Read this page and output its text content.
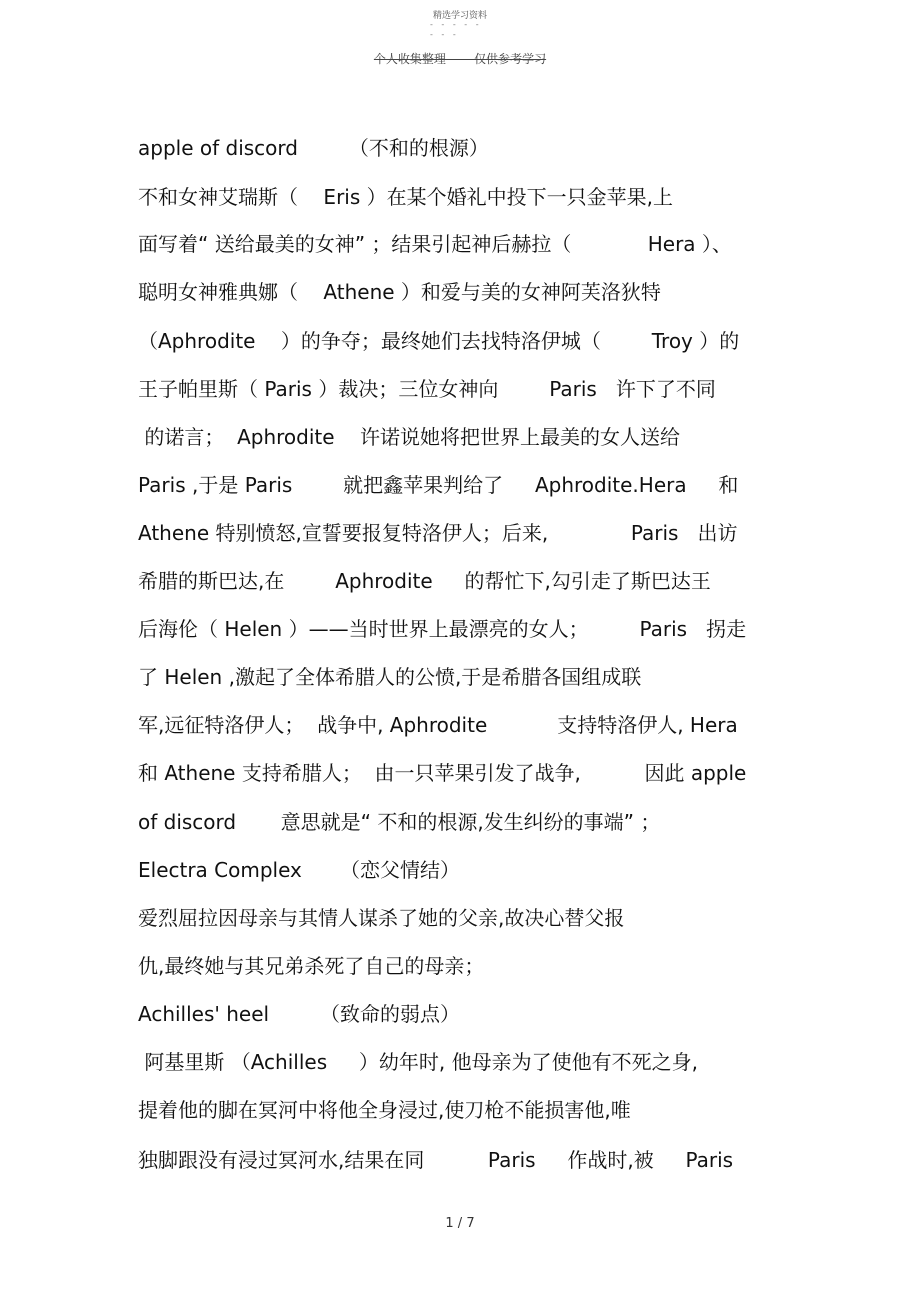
精选学习资料
- - - - -
- - -
个人收集整理 - - - 仅供参考学习
apple of discord        （不和的根源）
不和女神艾瑞斯（    Eris ）在某个婚礼中投下一只金苹果,上
面写着“ 送给最美的女神” ；结果引起神后赫拉（            Hera ）、
聪明女神雅典娜（    Athene ）和爱与美的女神阿芙洛狄特
（Aphrodite    ）的争夺；最终她们去找特洛伊城（        Troy ）的
王子帕里斯（ Paris ）裁决；三位女神向        Paris   许下了不同
的诺言；  Aphrodite    许诺说她将把世界上最美的女人送给
Paris ,于是 Paris        就把鑫苹果判给了     Aphrodite.Hera     和
Athene 特别愤怒,宣誓要报复特洛伊人；后来,             Paris   出访
希腊的斯巴达,在        Aphrodite     的帮忙下,勾引走了斯巴达王
后海伦（ Helen ）——当时世界上最漂亮的女人；        Paris   拐走
了 Helen ,激起了全体希腊人的公愤,于是希腊各国组成联
军,远征特洛伊人；  战争中, Aphrodite           支持特洛伊人, Hera
和 Athene 支持希腊人；  由一只苹果引发了战争,          因此 apple
of discord       意思就是“ 不和的根源,发生纠纷的事端” ；
Electra Complex      （恋父情结）
爱烈屈拉因母亲与其情人谋杀了她的父亲,故决心替父报
仇,最终她与其兄弟杀死了自己的母亲；
Achilles' heel        （致命的弱点）
阿基里斯 （Achilles     ）幼年时, 他母亲为了使他有不死之身,
提着他的脚在冥河中将他全身浸过,使刀枪不能损害他,唯
独脚跟没有浸过冥河水,结果在同          Paris     作战时,被     Paris
1 / 7
